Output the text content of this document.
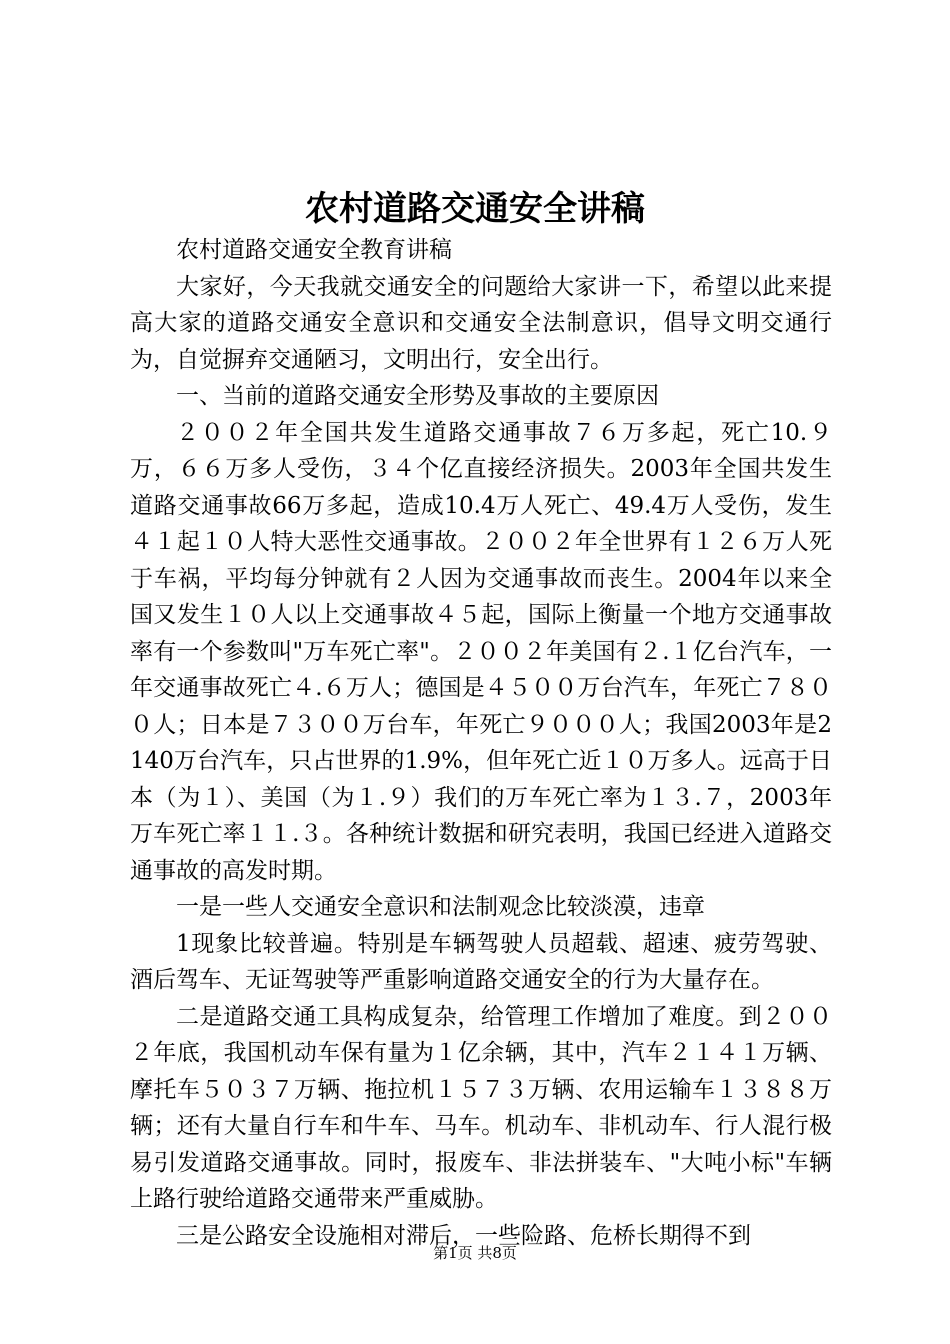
农村道路交通安全讲稿

农村道路交通安全教育讲稿

大家好，今天我就交通安全的问题给大家讲一下，希望以此来提高大家的道路交通安全意识和交通安全法制意识，倡导文明交通行为，自觉摒弃交通陋习，文明出行，安全出行。

一、当前的道路交通安全形势及事故的主要原因

２００２年全国共发生道路交通事故７６万多起，死亡10.９万，６６万多人受伤，３４个亿直接经济损失。2003年全国共发生道路交通事故66万多起，造成10.4万人死亡、49.4万人受伤，发生４１起１０人特大恶性交通事故。２００２年全世界有１２６万人死于车祸，平均每分钟就有２人因为交通事故而丧生。2004年以来全国又发生１０人以上交通事故４５起，国际上衡量一个地方交通事故率有一个参数叫"万车死亡率"。２００２年美国有２.１亿台汽车，一年交通事故死亡４.６万人；德国是４５００万台汽车，年死亡７８００人；日本是７３００万台车，年死亡９０００人；我国2003年是2140万台汽车，只占世界的1.9%，但年死亡近１０万多人。远高于日本（为１）、美国（为１.９）我们的万车死亡率为１３.７，2003年万车死亡率１１.３。各种统计数据和研究表明，我国已经进入道路交通事故的高发时期。

一是一些人交通安全意识和法制观念比较淡漠，违章

1现象比较普遍。特别是车辆驾驶人员超载、超速、疲劳驾驶、酒后驾车、无证驾驶等严重影响道路交通安全的行为大量存在。

二是道路交通工具构成复杂，给管理工作增加了难度。到２００２年底，我国机动车保有量为１亿余辆，其中，汽车２１４１万辆、摩托车５０３７万辆、拖拉机１５７３万辆、农用运输车１３８８万辆；还有大量自行车和牛车、马车。机动车、非机动车、行人混行极易引发道路交通事故。同时，报废车、非法拼装车、"大吨小标"车辆上路行驶给道路交通带来严重威胁。

三是公路安全设施相对滞后，一些险路、危桥长期得不到

第1页 共8页
